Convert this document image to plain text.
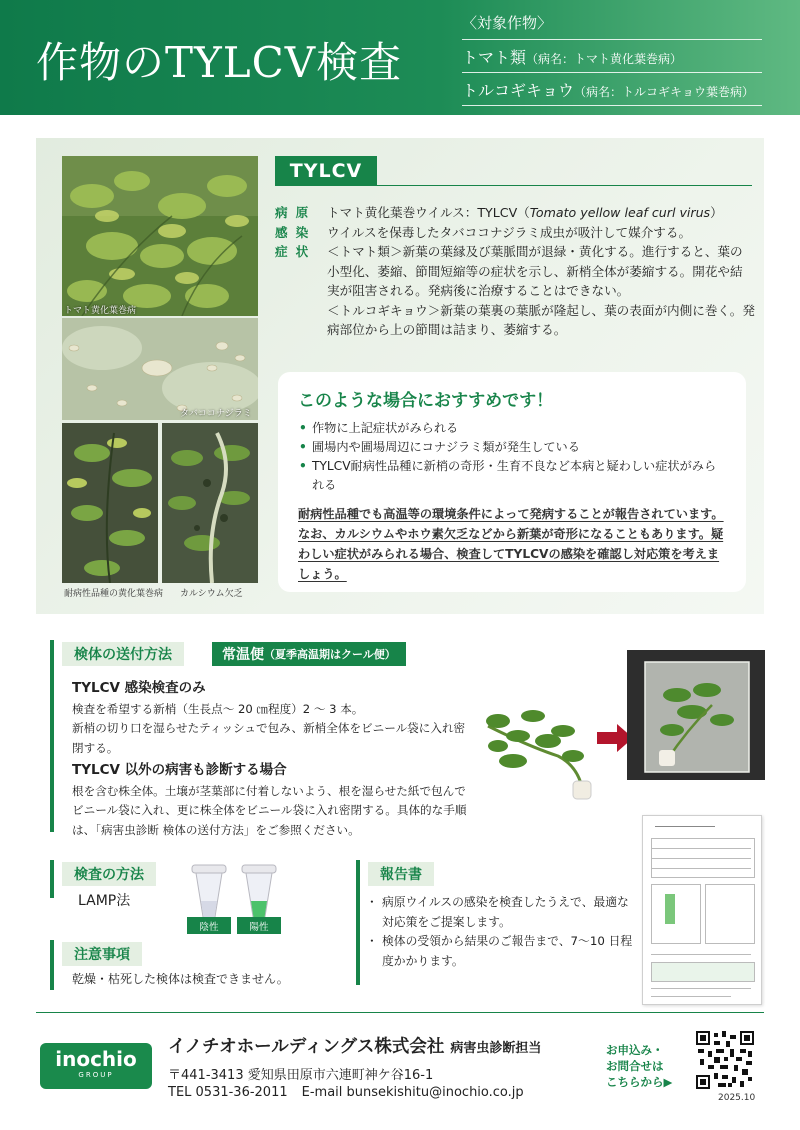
作物のTYLCV検査
〈対象作物〉
トマト類（病名：トマト黄化葉巻病）
トルコギキョウ（病名：トルコギキョウ葉巻病）
トマト黄化葉巻病
タバココナジラミ
耐病性品種の黄化葉巻病 カルシウム欠乏
TYLCV
病原 トマト黄化葉巻ウイルス：TYLCV（Tomato yellow leaf curl virus）
感染 ウイルスを保毒したタバココナジラミ成虫が吸汁して媒介する。
症状 ＜トマト類＞新葉の葉縁及び葉脈間が退緑・黄化する。進行すると、葉の小型化、萎縮、節間短縮等の症状を示し、新梢全体が萎縮する。開花や結実が阻害される。発病後に治療することはできない。
＜トルコギキョウ＞新葉の葉裏の葉脈が隆起し、葉の表面が内側に巻く。発病部位から上の節間は詰まり、萎縮する。
このような場合におすすめです！
• 作物に上記症状がみられる
• 圃場内や圃場周辺にコナジラミ類が発生している
• TYLCV耐病性品種に新梢の奇形・生育不良など本病と疑わしい症状がみられる
耐病性品種でも高温等の環境条件によって発病することが報告されています。なお、カルシウムやホウ素欠乏などから新葉が奇形になることもあります。疑わしい症状がみられる場合、検査してTYLCVの感染を確認し対応策を考えましょう。
検体の送付方法	常温便 （夏季高温期はクール便）
TYLCV 感染検査のみ
検査を希望する新梢（生長点～ 20 ㎝程度）2 ～ 3 本。
新梢の切り口を湿らせたティッシュで包み、新梢全体をビニール袋に入れ密閉する。
TYLCV 以外の病害も診断する場合
根を含む株全体。土壌が茎葉部に付着しないよう、根を湿らせた紙で包んでビニール袋に入れ、更に株全体をビニール袋に入れ密閉する。具体的な手順は、「病害虫診断 検体の送付方法」をご参照ください。
検査の方法
LAMP法
陰性	陽性
注意事項
乾燥・枯死した検体は検査できません。
報告書
・ 病原ウイルスの感染を検査したうえで、最適な対応策をご提案します。
・ 検体の受領から結果のご報告まで、7～10 日程度かかります。
inochio
GROUP
イノチオホールディングス株式会社 病害虫診断担当
〒441-3413 愛知県田原市六連町神ケ谷16-1
TEL 0531-36-2011 E-mail bunsekishitu@inochio.co.jp
お申込み・
お問合せは
こちらから▶
2025.10
